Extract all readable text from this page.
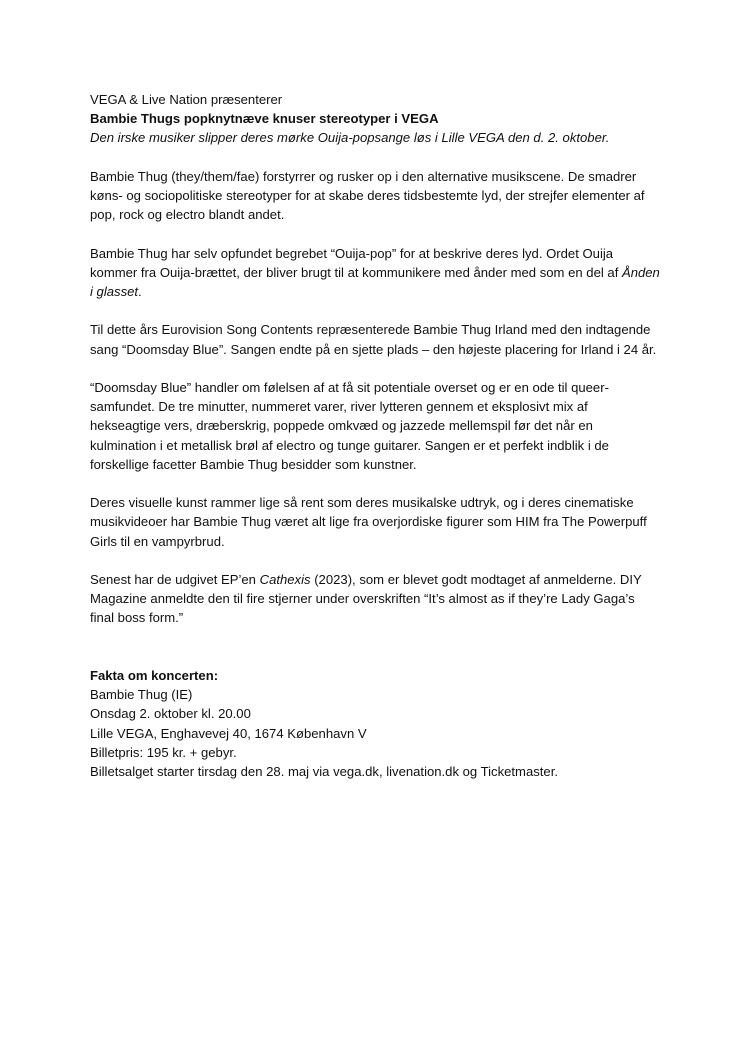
VEGA & Live Nation præsenterer

Bambie Thugs popknytnæve knuser stereotyper i VEGA

Den irske musiker slipper deres mørke Ouija-popsange løs i Lille VEGA den d. 2. oktober.

Bambie Thug (they/them/fae) forstyrrer og rusker op i den alternative musikscene. De smadrer køns- og sociopolitiske stereotyper for at skabe deres tidsbestemte lyd, der strejfer elementer af pop, rock og electro blandt andet.

Bambie Thug har selv opfundet begrebet “Ouija-pop” for at beskrive deres lyd. Ordet Ouija kommer fra Ouija-brættet, der bliver brugt til at kommunikere med ånder med som en del af Ånden i glasset.

Til dette års Eurovision Song Contents repræsenterede Bambie Thug Irland med den indtagende sang “Doomsday Blue”. Sangen endte på en sjette plads – den højeste placering for Irland i 24 år.

“Doomsday Blue” handler om følelsen af at få sit potentiale overset og er en ode til queer-samfundet. De tre minutter, nummeret varer, river lytteren gennem et eksplosivt mix af hekseagtige vers, dræberskrig, poppede omkvæd og jazzede mellemspil før det når en kulmination i et metallisk brøl af electro og tunge guitarer. Sangen er et perfekt indblik i de forskellige facetter Bambie Thug besidder som kunstner.

Deres visuelle kunst rammer lige så rent som deres musikalske udtryk, og i deres cinematiske musikvideoer har Bambie Thug været alt lige fra overjordiske figurer som HIM fra The Powerpuff Girls til en vampyrbrud.

Senest har de udgivet EP’en Cathexis (2023), som er blevet godt modtaget af anmelderne. DIY Magazine anmeldte den til fire stjerner under overskriften “It’s almost as if they’re Lady Gaga’s final boss form.”

Fakta om koncerten:

Bambie Thug (IE)

Onsdag 2. oktober kl. 20.00

Lille VEGA, Enghavevej 40, 1674 København V

Billetpris: 195 kr. + gebyr.

Billetsalget starter tirsdag den 28. maj via vega.dk, livenation.dk og Ticketmaster.
